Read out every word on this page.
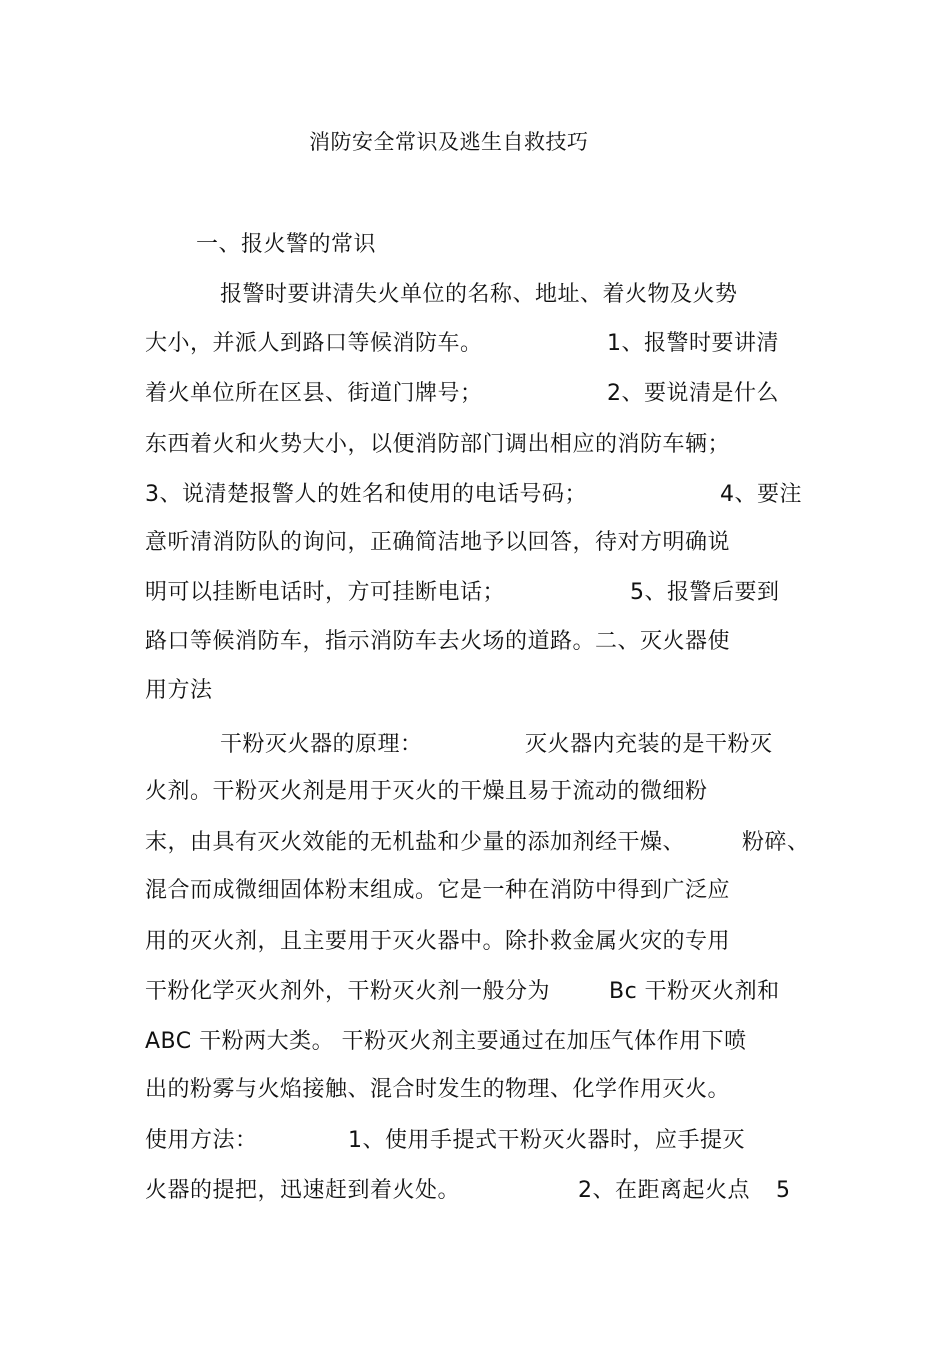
消防安全常识及逃生自救技巧
一、报火警的常识
报警时要讲清失火单位的名称、地址、着火物及火势
大小，并派人到路口等候消防车。	1、报警时要讲清
着火单位所在区县、街道门牌号；	2、要说清是什么
东西着火和火势大小，以便消防部门调出相应的消防车辆；
3、说清楚报警人的姓名和使用的电话号码；	4、要注
意听清消防队的询问，正确简洁地予以回答，待对方明确说
明可以挂断电话时，方可挂断电话；	5、报警后要到
路口等候消防车，指示消防车去火场的道路。二、灭火器使
用方法
干粉灭火器的原理：	灭火器内充装的是干粉灭
火剂。干粉灭火剂是用于灭火的干燥且易于流动的微细粉
末，由具有灭火效能的无机盐和少量的添加剂经干燥、	粉碎、
混合而成微细固体粉末组成。它是一种在消防中得到广泛应
用的灭火剂，且主要用于灭火器中。除扑救金属火灾的专用
干粉化学灭火剂外，干粉灭火剂一般分为	Bc 干粉灭火剂和
ABC 干粉两大类。 干粉灭火剂主要通过在加压气体作用下喷
出的粉雾与火焰接触、混合时发生的物理、化学作用灭火。
使用方法：	1、使用手提式干粉灭火器时，应手提灭
火器的提把，迅速赶到着火处。	2、在距离起火点 5
